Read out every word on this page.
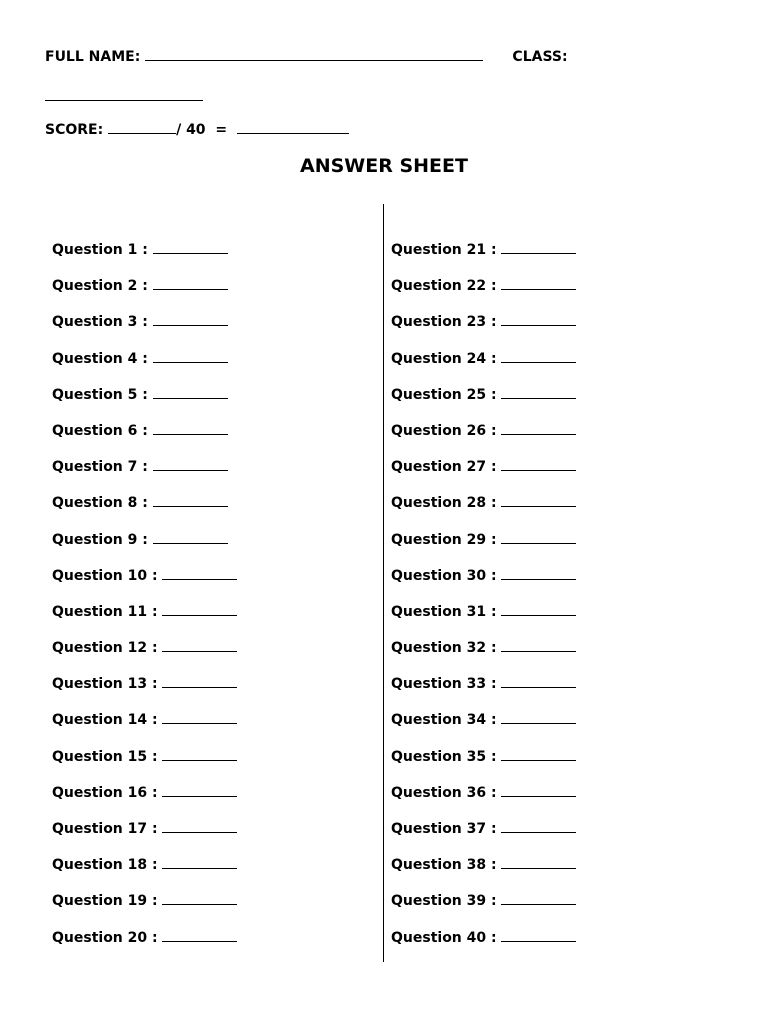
FULL NAME:	CLASS:
SCORE:	/ 40 =
ANSWER SHEET
Question 1 :
Question 2 :
Question 3 :
Question 4 :
Question 5 :
Question 6 :
Question 7 :
Question 8 :
Question 9 :
Question 10 :
Question 11 :
Question 12 :
Question 13 :
Question 14 :
Question 15 :
Question 16 :
Question 17 :
Question 18 :
Question 19 :
Question 20 :
Question 21 :
Question 22 :
Question 23 :
Question 24 :
Question 25 :
Question 26 :
Question 27 :
Question 28 :
Question 29 :
Question 30 :
Question 31 :
Question 32 :
Question 33 :
Question 34 :
Question 35 :
Question 36 :
Question 37 :
Question 38 :
Question 39 :
Question 40 :
